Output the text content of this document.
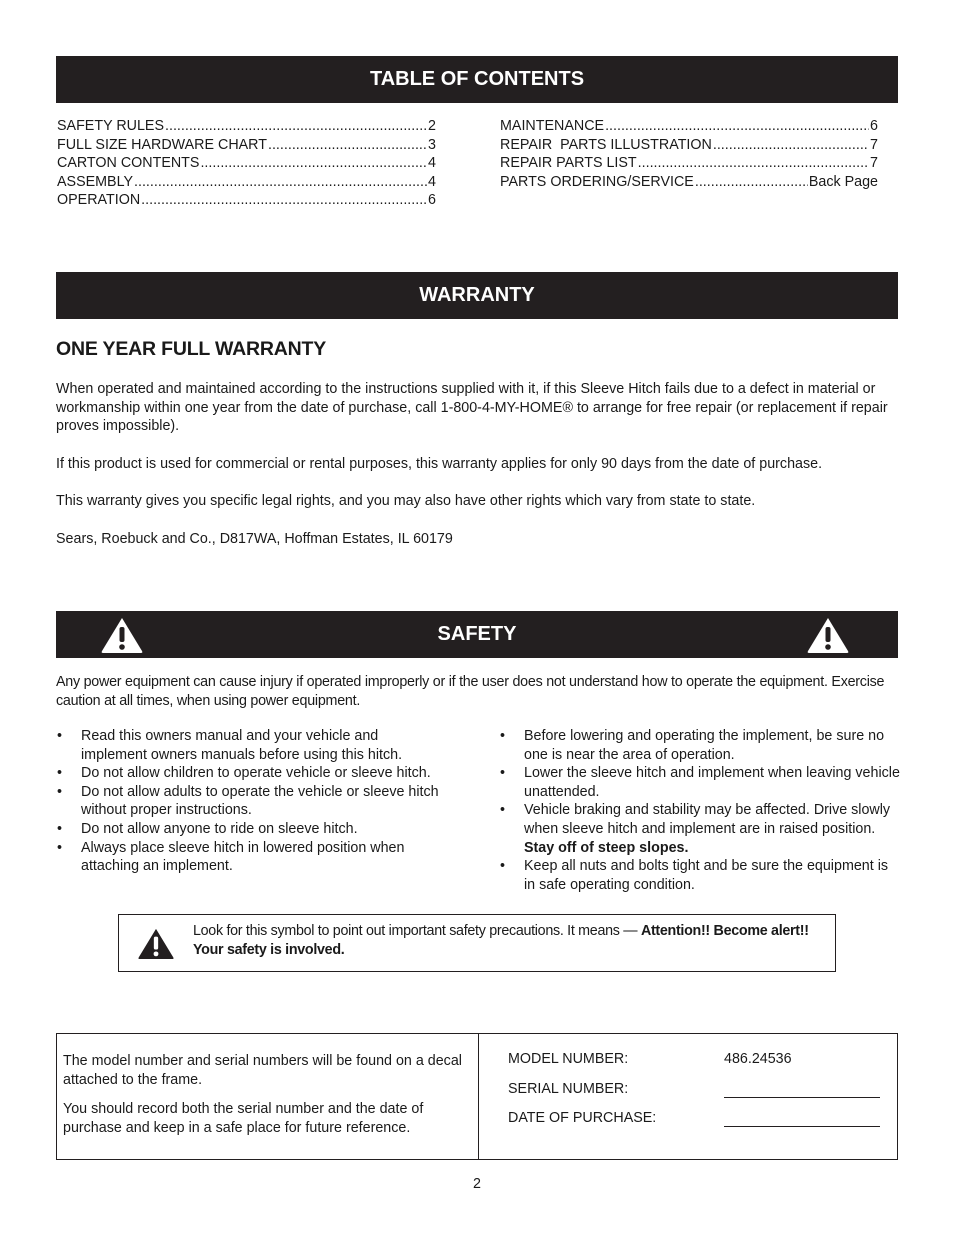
TABLE OF CONTENTS
SAFETY RULES .....	2
FULL SIZE HARDWARE CHART .....	3
CARTON CONTENTS .....	4
ASSEMBLY .....	4
OPERATION .....	6
MAINTENANCE .....	6
REPAIR  PARTS ILLUSTRATION .....	7
REPAIR PARTS LIST .....	7
PARTS ORDERING/SERVICE .....	Back Page
WARRANTY
ONE YEAR FULL WARRANTY

When operated and maintained according to the instructions supplied with it, if this Sleeve Hitch fails due to a defect in material or workmanship within one year from the date of purchase, call 1-800-4-MY-HOME® to arrange for free repair (or replacement if repair proves impossible).

If this product is used for commercial or rental purposes, this warranty applies for only 90 days from the date of purchase.

This warranty gives you specific legal rights, and you may also have other rights which vary from state to state.

Sears, Roebuck and Co., D817WA, Hoffman Estates, IL 60179

SAFETY

Any power equipment can cause injury if operated improperly or if the user does not understand how to operate the equipment. Exercise caution at all times, when using power equipment.

• Read this owners manual and your vehicle and implement owners manuals before using this hitch.
• Do not allow children to operate vehicle or sleeve hitch.
• Do not allow adults to operate the vehicle or sleeve hitch without proper instructions.
• Do not allow anyone to ride on sleeve hitch.
• Always place sleeve hitch in lowered position when attaching an implement.
• Before lowering and operating the implement, be sure no one is near the area of operation.
• Lower the sleeve hitch and implement when leaving vehicle unattended.
• Vehicle braking and stability may be affected. Drive slowly when sleeve hitch and implement are in raised position. Stay off of steep slopes.
• Keep all nuts and bolts tight and be sure the equipment is in safe operating condition.
Look for this symbol to point out important safety precautions. It means — Attention!! Become alert!! Your safety is involved.

The model number and serial numbers will be found on a decal attached to the frame.

You should record both the serial number and the date of purchase and keep in a safe place for future reference.

MODEL NUMBER:	486.24536
SERIAL NUMBER:
DATE OF PURCHASE:
2
